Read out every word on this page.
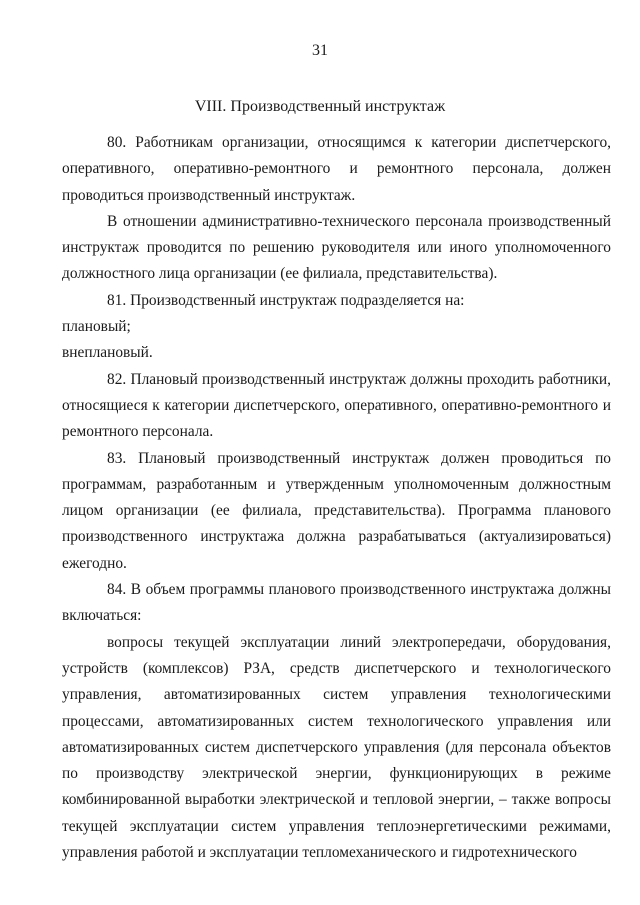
31
VIII. Производственный инструктаж

80. Работникам организации, относящимся к категории диспетчерского, оперативного, оперативно-ремонтного и ремонтного персонала, должен проводиться производственный инструктаж.

В отношении административно-технического персонала производственный инструктаж проводится по решению руководителя или иного уполномоченного должностного лица организации (ее филиала, представительства).

81. Производственный инструктаж подразделяется на:

плановый;

внеплановый.

82. Плановый производственный инструктаж должны проходить работники, относящиеся к категории диспетчерского, оперативного, оперативно-ремонтного и ремонтного персонала.

83. Плановый производственный инструктаж должен проводиться по программам, разработанным и утвержденным уполномоченным должностным лицом организации (ее филиала, представительства). Программа планового производственного инструктажа должна разрабатываться (актуализироваться) ежегодно.

84. В объем программы планового производственного инструктажа должны включаться:

вопросы текущей эксплуатации линий электропередачи, оборудования, устройств (комплексов) РЗА, средств диспетчерского и технологического управления, автоматизированных систем управления технологическими процессами, автоматизированных систем технологического управления или автоматизированных систем диспетчерского управления (для персонала объектов по производству электрической энергии, функционирующих в режиме комбинированной выработки электрической и тепловой энергии, – также вопросы текущей эксплуатации систем управления теплоэнергетическими режимами, управления работой и эксплуатации тепломеханического и гидротехнического
